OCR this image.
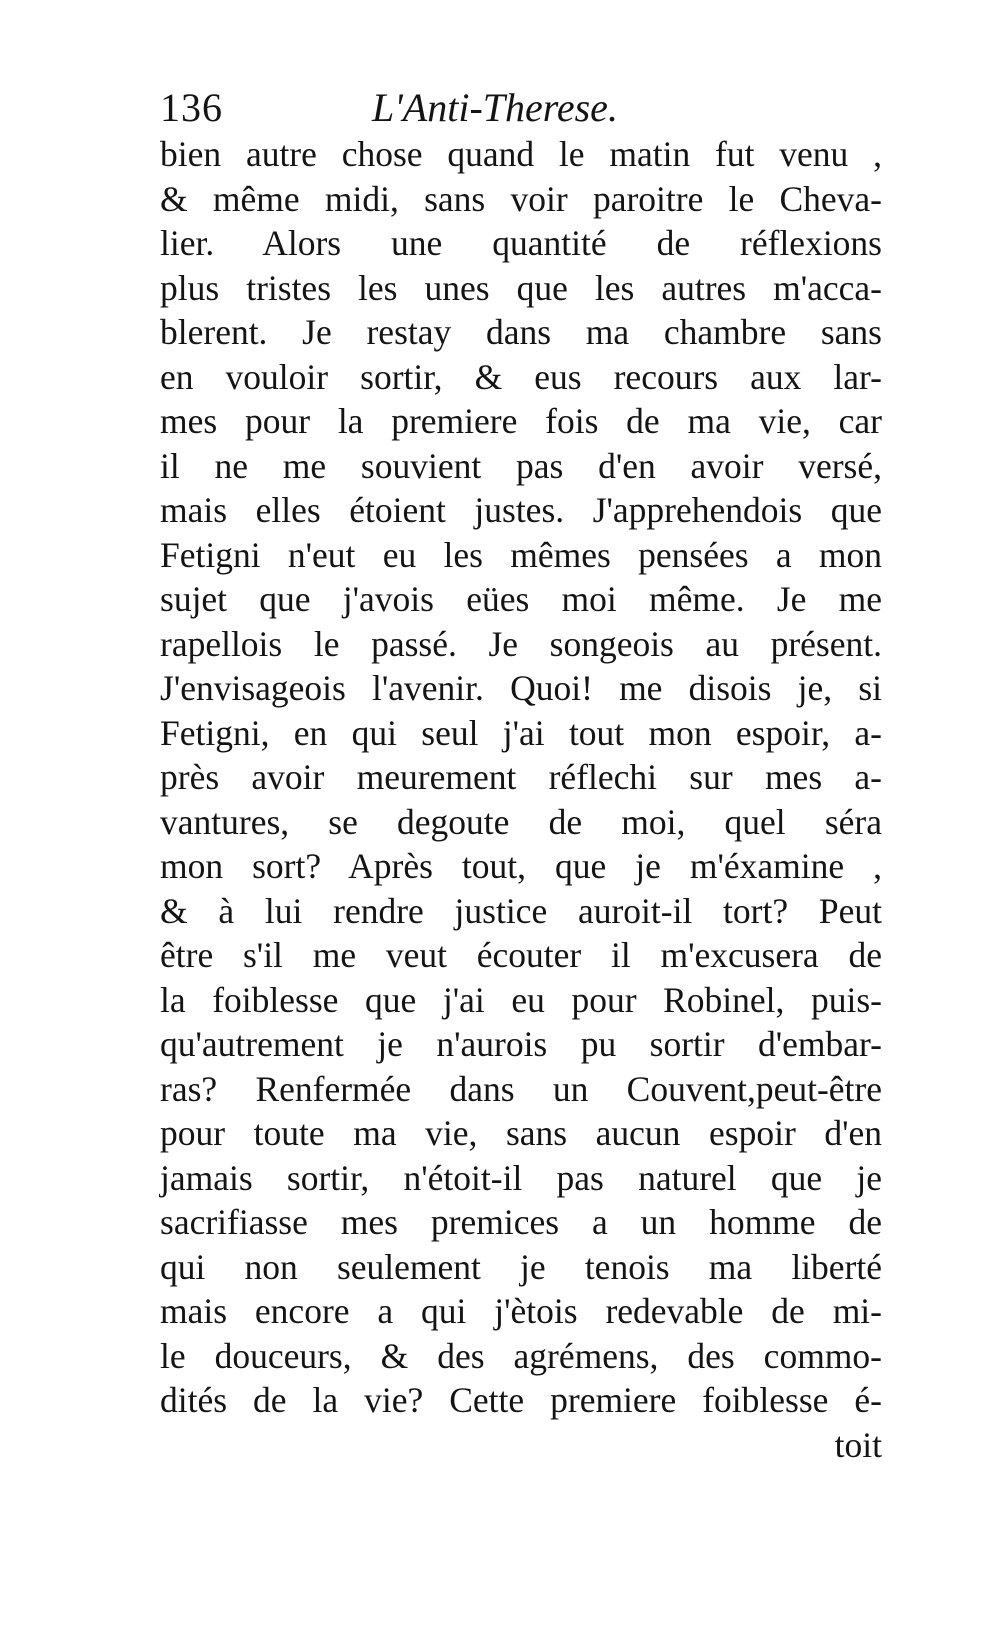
136	L'Anti-Therese.
bien autre chose quand le matin fut venu ,
& même midi, sans voir paroitre le Cheva-
lier. Alors une quantité de réflexions
plus tristes les unes que les autres m'acca-
blerent. Je restay dans ma chambre sans
en vouloir sortir, & eus recours aux lar-
mes pour la premiere fois de ma vie, car
il ne me souvient pas d'en avoir versé,
mais elles étoient justes. J'apprehendois que
Fetigni n'eut eu les mêmes pensées a mon
sujet que j'avois eües moi même. Je me
rapellois le passé. Je songeois au présent.
J'envisageois l'avenir. Quoi! me disois je, si
Fetigni, en qui seul j'ai tout mon espoir, a-
près avoir meurement réflechi sur mes a-
vantures, se degoute de moi, quel séra
mon sort? Après tout, que je m'éxamine ,
& à lui rendre justice auroit-il tort? Peut
être s'il me veut écouter il m'excusera de
la foiblesse que j'ai eu pour Robinel, puis-
qu'autrement je n'aurois pu sortir d'embar-
ras? Renfermée dans un Couvent,peut-être
pour toute ma vie, sans aucun espoir d'en
jamais sortir, n'étoit-il pas naturel que je
sacrifiasse mes premices a un homme de
qui non seulement je tenois ma liberté
mais encore a qui j'ètois redevable de mi-
le douceurs, & des agrémens, des commo-
dités de la vie? Cette premiere foiblesse é-
toit
